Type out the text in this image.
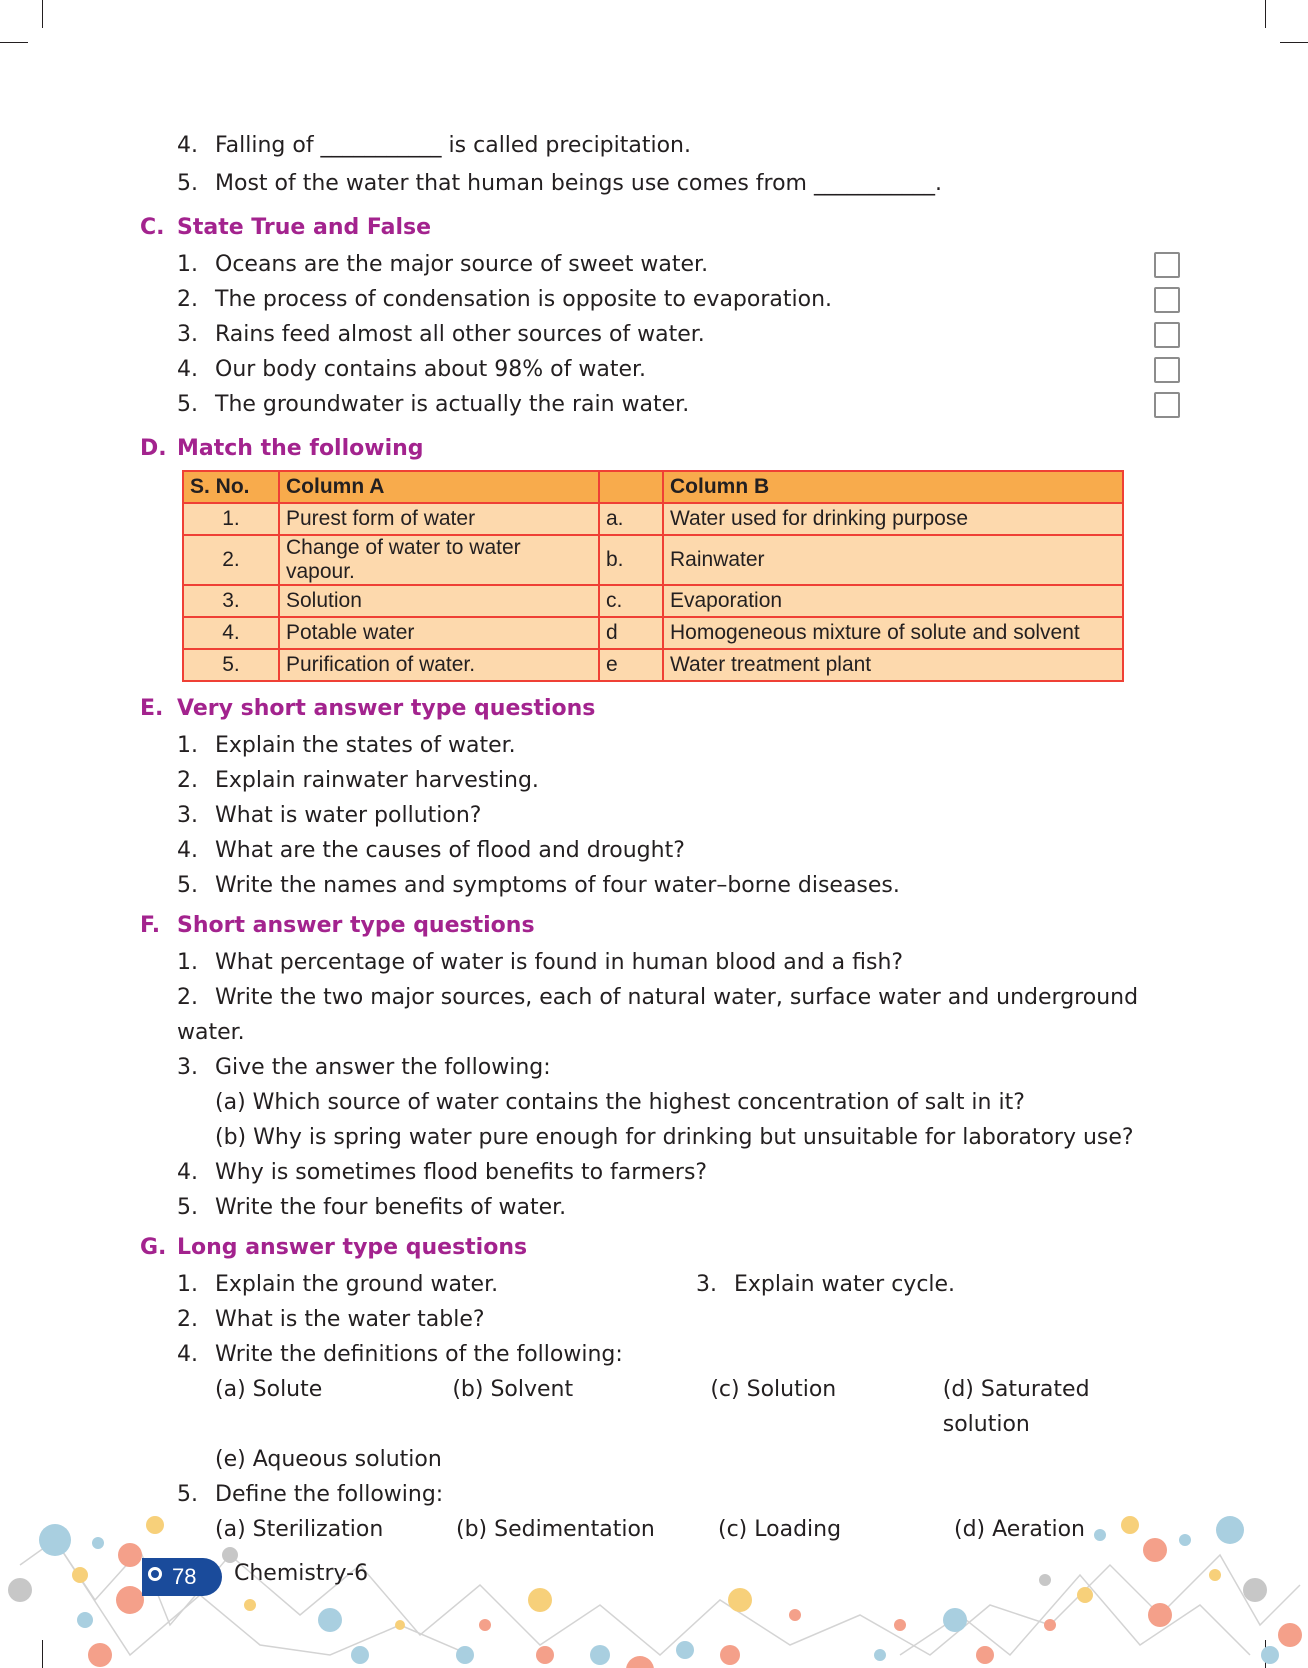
4. Falling of ___________ is called precipitation.
5. Most of the water that human beings use comes from ___________.
C. State True and False
1. Oceans are the major source of sweet water.
2. The process of condensation is opposite to evaporation.
3. Rains feed almost all other sources of water.
4. Our body contains about 98% of water.
5. The groundwater is actually the rain water.
D. Match the following
S. No.	Column A		Column B
1.	Purest form of water	a.	Water used for drinking purpose
2.	Change of water to water vapour.	b.	Rainwater
3.	Solution	c.	Evaporation
4.	Potable water	d	Homogeneous mixture of solute and solvent
5.	Purification of water.	e	Water treatment plant
E. Very short answer type questions
1. Explain the states of water.
2. Explain rainwater harvesting.
3. What is water pollution?
4. What are the causes of flood and drought?
5. Write the names and symptoms of four water–borne diseases.
F. Short answer type questions
1. What percentage of water is found in human blood and a fish?
2. Write the two major sources, each of natural water, surface water and underground water.
3. Give the answer the following:
(a) Which source of water contains the highest concentration of salt in it?
(b) Why is spring water pure enough for drinking but unsuitable for laboratory use?
4. Why is sometimes flood benefits to farmers?
5. Write the four benefits of water.
G. Long answer type questions
1. Explain the ground water.	3. Explain water cycle.
2. What is the water table?
4. Write the definitions of the following:
(a) Solute	(b) Solvent	(c) Solution	(d) Saturated solution
(e) Aqueous solution
5. Define the following:
(a) Sterilization	(b) Sedimentation	(c) Loading	(d) Aeration
78 Chemistry-6
